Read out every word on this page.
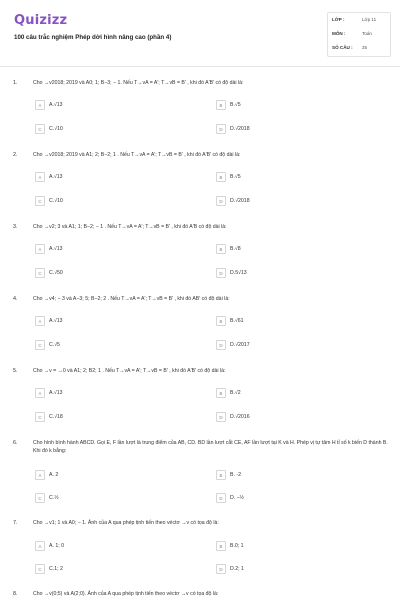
Quizizz
100 câu trắc nghiệm Phép dời hình nâng cao (phần 4)
LỚP :	Lớp 11
MÔN :	Toán
SỐ CÂU :	25
1.	Cho →v2018; 2019 và A0; 1; B−3; − 1. Nếu T→vA = A′; T→vB = B′ , khi đó A′B′ có độ dài là:
A	A.√13	B	B.√5
C	C.√10	D	D.√2018
2.	Cho →v2018; 2019 và A1; 2; B−2; 1 . Nếu T→vA = A′; T→vB = B′ , khi đó A′B′ có độ dài là:
A	A.√13	B	B.√5
C	C.√10	D	D.√2018
3.	Cho →v2; 3 và A1; 1; B−2; − 1 . Nếu T→vA = A′; T→vB = B′ , khi đó A′B có độ dài là:
A	A.√13	B	B.√8
C	C.√50	D	D.5√13
4.	Cho →v4; − 3 và A−3; 5; B−2; 2 . Nếu T→vA = A′; T→vB = B′ , khi đó AB′ có độ dài là:
A	A.√13	B	B.√61
C	C.√5	D	D.√2017
5.	Cho →v = →0 và A1; 2; B2; 1 . Nếu T→vA = A′; T→vB = B′ , khi đó A′B′ có độ dài là:
A	A.√13	B	B.√2
C	C.√18	D	D.√2016
6.	Cho hình bình hành ABCD. Gọi E, F lần lượt là trung điểm của AB, CD. BD lần lượt cắt CE, AF lần lượt tại K và H. Phép vị tự tâm H tỉ số k biến D thành B. Khi đó k bằng:
A	A. 2	B	B. -2
C	C.½	D	D. −½
7.	Cho →v1; 1 và A0; − 1. Ảnh của A qua phép tịnh tiến theo véctơ →v có tọa độ là:
A	A. 1; 0	B	B.0; 1
C	C.1; 2	D	D.2; 1
8.	Cho →v(0;5) và A(2;0). Ảnh của A qua phép tịnh tiến theo véctơ →v có tọa độ là:
